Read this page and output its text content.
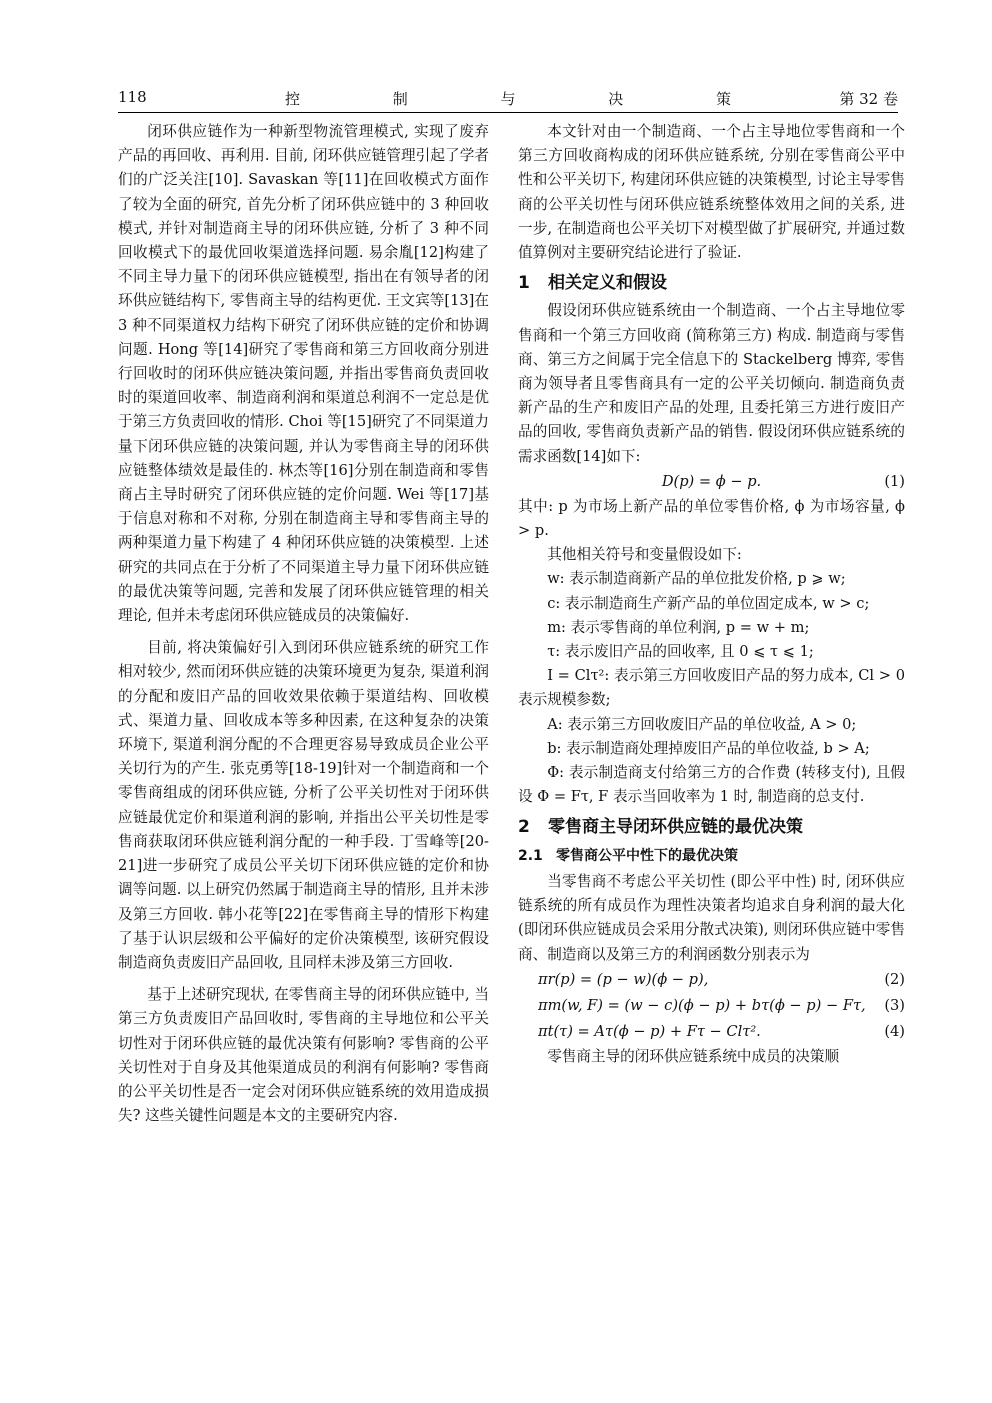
118	控 制 与 决 策	第 32 卷

闭环供应链作为一种新型物流管理模式, 实现了废弃产品的再回收、再利用. 目前, 闭环供应链管理引起了学者们的广泛关注[10]. Savaskan 等[11]在回收模式方面作了较为全面的研究, 首先分析了闭环供应链中的 3 种回收模式, 并针对制造商主导的闭环供应链, 分析了 3 种不同回收模式下的最优回收渠道选择问题. 易余胤[12]构建了不同主导力量下的闭环供应链模型, 指出在有领导者的闭环供应链结构下, 零售商主导的结构更优. 王文宾等[13]在 3 种不同渠道权力结构下研究了闭环供应链的定价和协调问题. Hong 等[14]研究了零售商和第三方回收商分别进行回收时的闭环供应链决策问题, 并指出零售商负责回收时的渠道回收率、制造商利润和渠道总利润不一定总是优于第三方负责回收的情形. Choi 等[15]研究了不同渠道力量下闭环供应链的决策问题, 并认为零售商主导的闭环供应链整体绩效是最佳的. 林杰等[16]分别在制造商和零售商占主导时研究了闭环供应链的定价问题. Wei 等[17]基于信息对称和不对称, 分别在制造商主导和零售商主导的两种渠道力量下构建了 4 种闭环供应链的决策模型. 上述研究的共同点在于分析了不同渠道主导力量下闭环供应链的最优决策等问题, 完善和发展了闭环供应链管理的相关理论, 但并未考虑闭环供应链成员的决策偏好.

目前, 将决策偏好引入到闭环供应链系统的研究工作相对较少, 然而闭环供应链的决策环境更为复杂, 渠道利润的分配和废旧产品的回收效果依赖于渠道结构、回收模式、渠道力量、回收成本等多种因素, 在这种复杂的决策环境下, 渠道利润分配的不合理更容易导致成员企业公平关切行为的产生. 张克勇等[18-19]针对一个制造商和一个零售商组成的闭环供应链, 分析了公平关切性对于闭环供应链最优定价和渠道利润的影响, 并指出公平关切性是零售商获取闭环供应链利润分配的一种手段. 丁雪峰等[20-21]进一步研究了成员公平关切下闭环供应链的定价和协调等问题. 以上研究仍然属于制造商主导的情形, 且并未涉及第三方回收. 韩小花等[22]在零售商主导的情形下构建了基于认识层级和公平偏好的定价决策模型, 该研究假设制造商负责废旧产品回收, 且同样未涉及第三方回收.

基于上述研究现状, 在零售商主导的闭环供应链中, 当第三方负责废旧产品回收时, 零售商的主导地位和公平关切性对于闭环供应链的最优决策有何影响? 零售商的公平关切性对于自身及其他渠道成员的利润有何影响? 零售商的公平关切性是否一定会对闭环供应链系统的效用造成损失? 这些关键性问题是本文的主要研究内容.

本文针对由一个制造商、一个占主导地位零售商和一个第三方回收商构成的闭环供应链系统, 分别在零售商公平中性和公平关切下, 构建闭环供应链的决策模型, 讨论主导零售商的公平关切性与闭环供应链系统整体效用之间的关系, 进一步, 在制造商也公平关切下对模型做了扩展研究, 并通过数值算例对主要研究结论进行了验证.

1 相关定义和假设

假设闭环供应链系统由一个制造商、一个占主导地位零售商和一个第三方回收商 (简称第三方) 构成. 制造商与零售商、第三方之间属于完全信息下的 Stackelberg 博弈, 零售商为领导者且零售商具有一定的公平关切倾向. 制造商负责新产品的生产和废旧产品的处理, 且委托第三方进行废旧产品的回收, 零售商负责新产品的销售. 假设闭环供应链系统的需求函数[14]如下:

D(p) = ϕ − p.	(1)

其中: p 为市场上新产品的单位零售价格, ϕ 为市场容量, ϕ > p.

其他相关符号和变量假设如下:

w: 表示制造商新产品的单位批发价格, p ⩾ w;

c: 表示制造商生产新产品的单位固定成本, w > c;

m: 表示零售商的单位利润, p = w + m;

τ: 表示废旧产品的回收率, 且 0 ⩽ τ ⩽ 1;

I = Clτ²: 表示第三方回收废旧产品的努力成本, Cl > 0 表示规模参数;

A: 表示第三方回收废旧产品的单位收益, A > 0;

b: 表示制造商处理掉废旧产品的单位收益, b > A;

Φ: 表示制造商支付给第三方的合作费 (转移支付), 且假设 Φ = Fτ, F 表示当回收率为 1 时, 制造商的总支付.

2 零售商主导闭环供应链的最优决策
2.1 零售商公平中性下的最优决策

当零售商不考虑公平关切性 (即公平中性) 时, 闭环供应链系统的所有成员作为理性决策者均追求自身利润的最大化 (即闭环供应链成员会采用分散式决策), 则闭环供应链中零售商、制造商以及第三方的利润函数分别表示为

πr(p) = (p − w)(ϕ − p),	(2)
πm(w, F) = (w − c)(ϕ − p) + bτ(ϕ − p) − Fτ, (3)
πt(τ) = Aτ(ϕ − p) + Fτ − Clτ².	(4)

零售商主导的闭环供应链系统中成员的决策顺
